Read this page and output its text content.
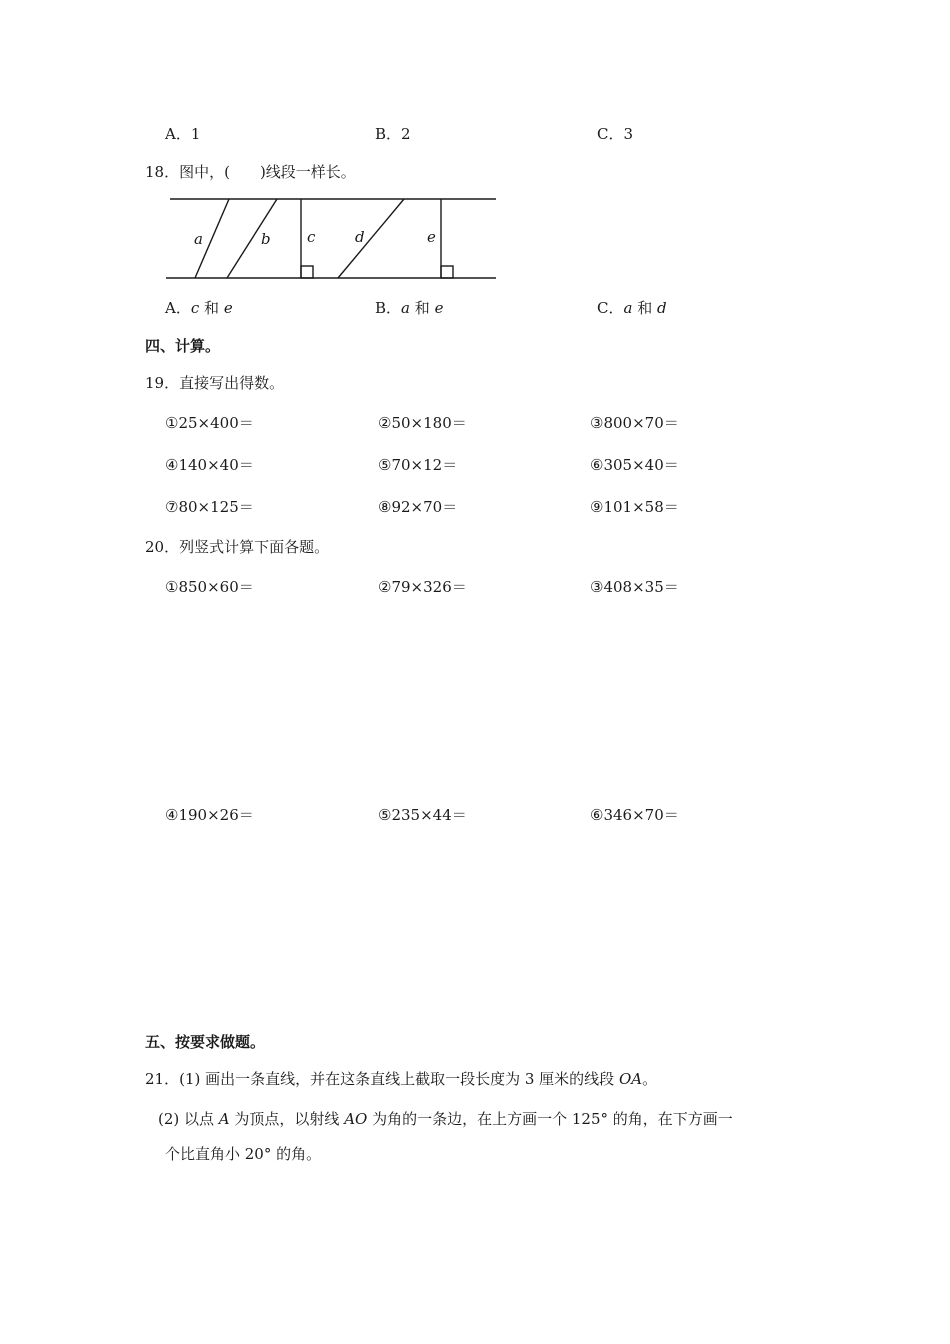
A．1	B．2	C．3
18．图中，(　　)线段一样长。
a	b c	d	e
A．c 和 e	B．a 和 e	C．a 和 d
四、计算。
19．直接写出得数。
①25×400＝	②50×180＝	③800×70＝
④140×40＝	⑤70×12＝	⑥305×40＝
⑦80×125＝	⑧92×70＝	⑨101×58＝
20．列竖式计算下面各题。
①850×60＝	②79×326＝	③408×35＝
④190×26＝	⑤235×44＝	⑥346×70＝
五、按要求做题。
21．(1) 画出一条直线，并在这条直线上截取一段长度为 3 厘米的线段 OA。
(2) 以点 A 为顶点，以射线 AO 为角的一条边，在上方画一个 125° 的角，在下方画一
个比直角小 20° 的角。
